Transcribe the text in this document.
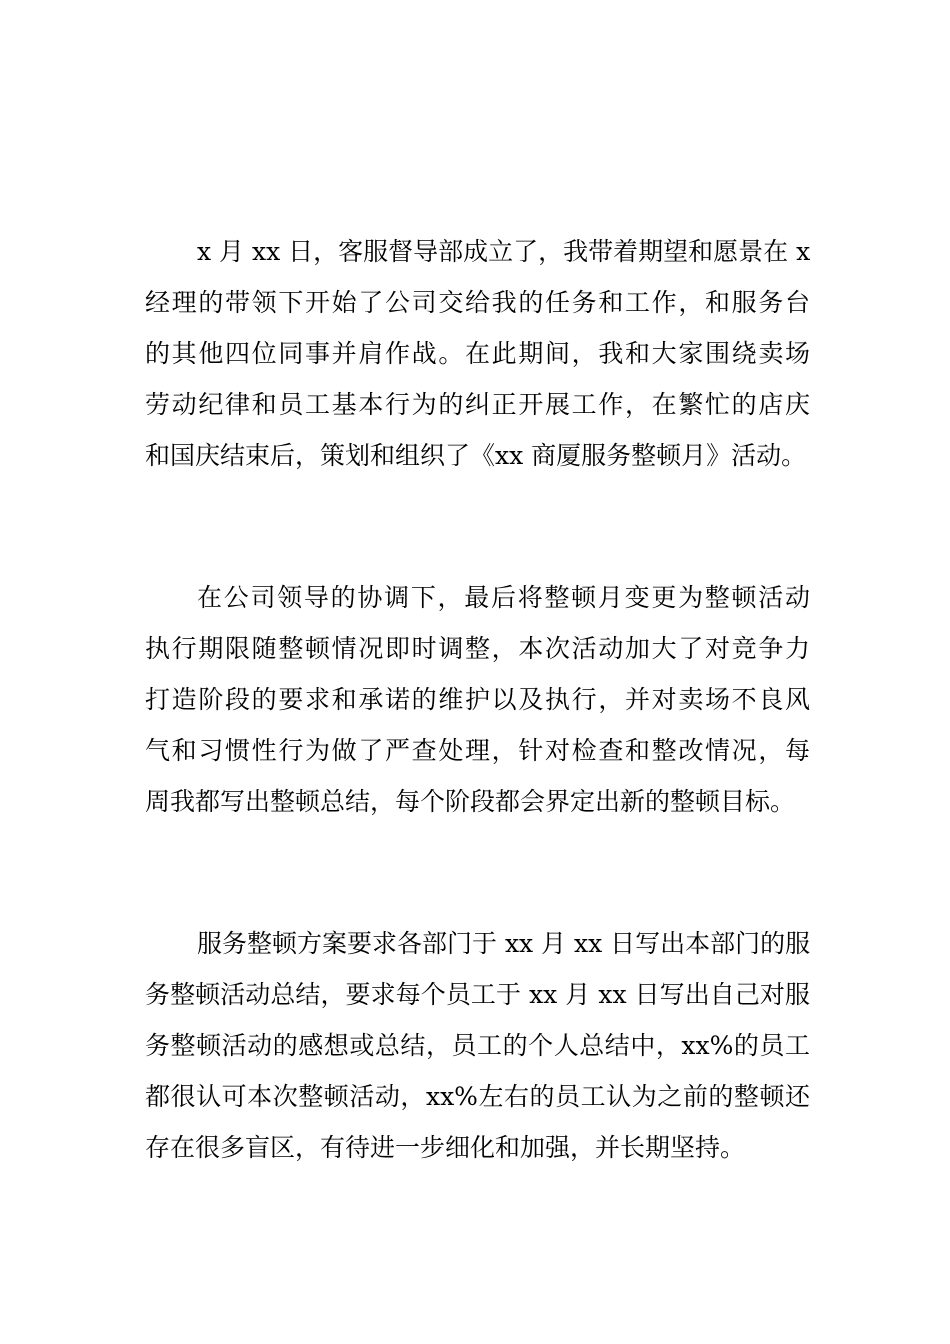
x 月 xx 日，客服督导部成立了，我带着期望和愿景在 x
经理的带领下开始了公司交给我的任务和工作，和服务台
的其他四位同事并肩作战。在此期间，我和大家围绕卖场
劳动纪律和员工基本行为的纠正开展工作，在繁忙的店庆
和国庆结束后，策划和组织了《xx 商厦服务整顿月》活动。
在公司领导的协调下，最后将整顿月变更为整顿活动
执行期限随整顿情况即时调整，本次活动加大了对竞争力
打造阶段的要求和承诺的维护以及执行，并对卖场不良风
气和习惯性行为做了严查处理，针对检查和整改情况，每
周我都写出整顿总结，每个阶段都会界定出新的整顿目标。
服务整顿方案要求各部门于 xx 月 xx 日写出本部门的服
务整顿活动总结，要求每个员工于 xx 月 xx 日写出自己对服
务整顿活动的感想或总结，员工的个人总结中，xx%的员工
都很认可本次整顿活动，xx%左右的员工认为之前的整顿还
存在很多盲区，有待进一步细化和加强，并长期坚持。
